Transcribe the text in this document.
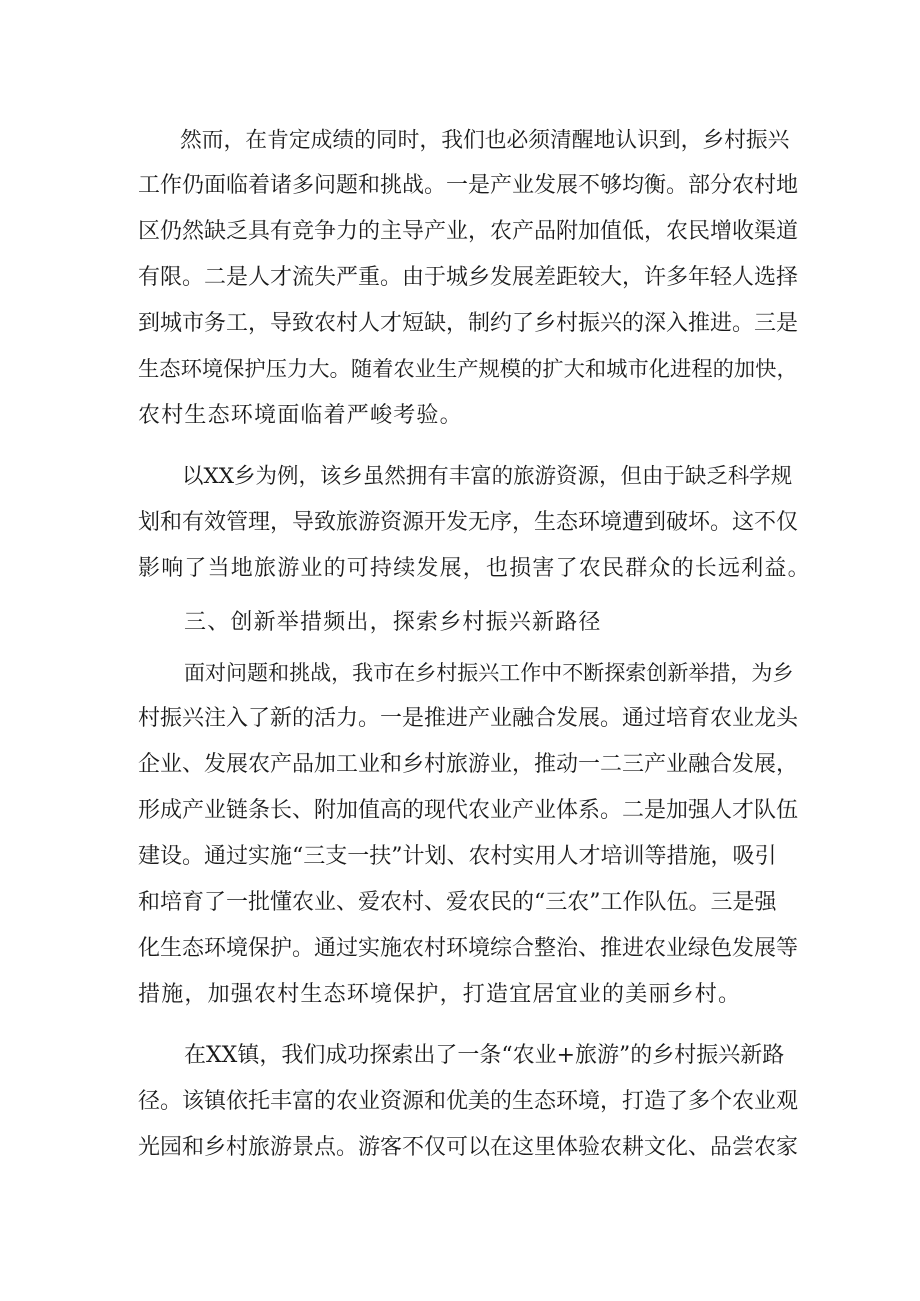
然而，在肯定成绩的同时，我们也必须清醒地认识到，乡村振兴
工作仍面临着诸多问题和挑战。一是产业发展不够均衡。部分农村地
区仍然缺乏具有竞争力的主导产业，农产品附加值低，农民增收渠道
有限。二是人才流失严重。由于城乡发展差距较大，许多年轻人选择
到城市务工，导致农村人才短缺，制约了乡村振兴的深入推进。三是
生态环境保护压力大。随着农业生产规模的扩大和城市化进程的加快，
农村生态环境面临着严峻考验。
以XX乡为例，该乡虽然拥有丰富的旅游资源，但由于缺乏科学规
划和有效管理，导致旅游资源开发无序，生态环境遭到破坏。这不仅
影响了当地旅游业的可持续发展，也损害了农民群众的长远利益。
三、创新举措频出，探索乡村振兴新路径
面对问题和挑战，我市在乡村振兴工作中不断探索创新举措，为乡
村振兴注入了新的活力。一是推进产业融合发展。通过培育农业龙头
企业、发展农产品加工业和乡村旅游业，推动一二三产业融合发展，
形成产业链条长、附加值高的现代农业产业体系。二是加强人才队伍
建设。通过实施“三支一扶”计划、农村实用人才培训等措施，吸引
和培育了一批懂农业、爱农村、爱农民的“三农”工作队伍。三是强
化生态环境保护。通过实施农村环境综合整治、推进农业绿色发展等
措施，加强农村生态环境保护，打造宜居宜业的美丽乡村。
在XX镇，我们成功探索出了一条“农业+旅游”的乡村振兴新路
径。该镇依托丰富的农业资源和优美的生态环境，打造了多个农业观
光园和乡村旅游景点。游客不仅可以在这里体验农耕文化、品尝农家
